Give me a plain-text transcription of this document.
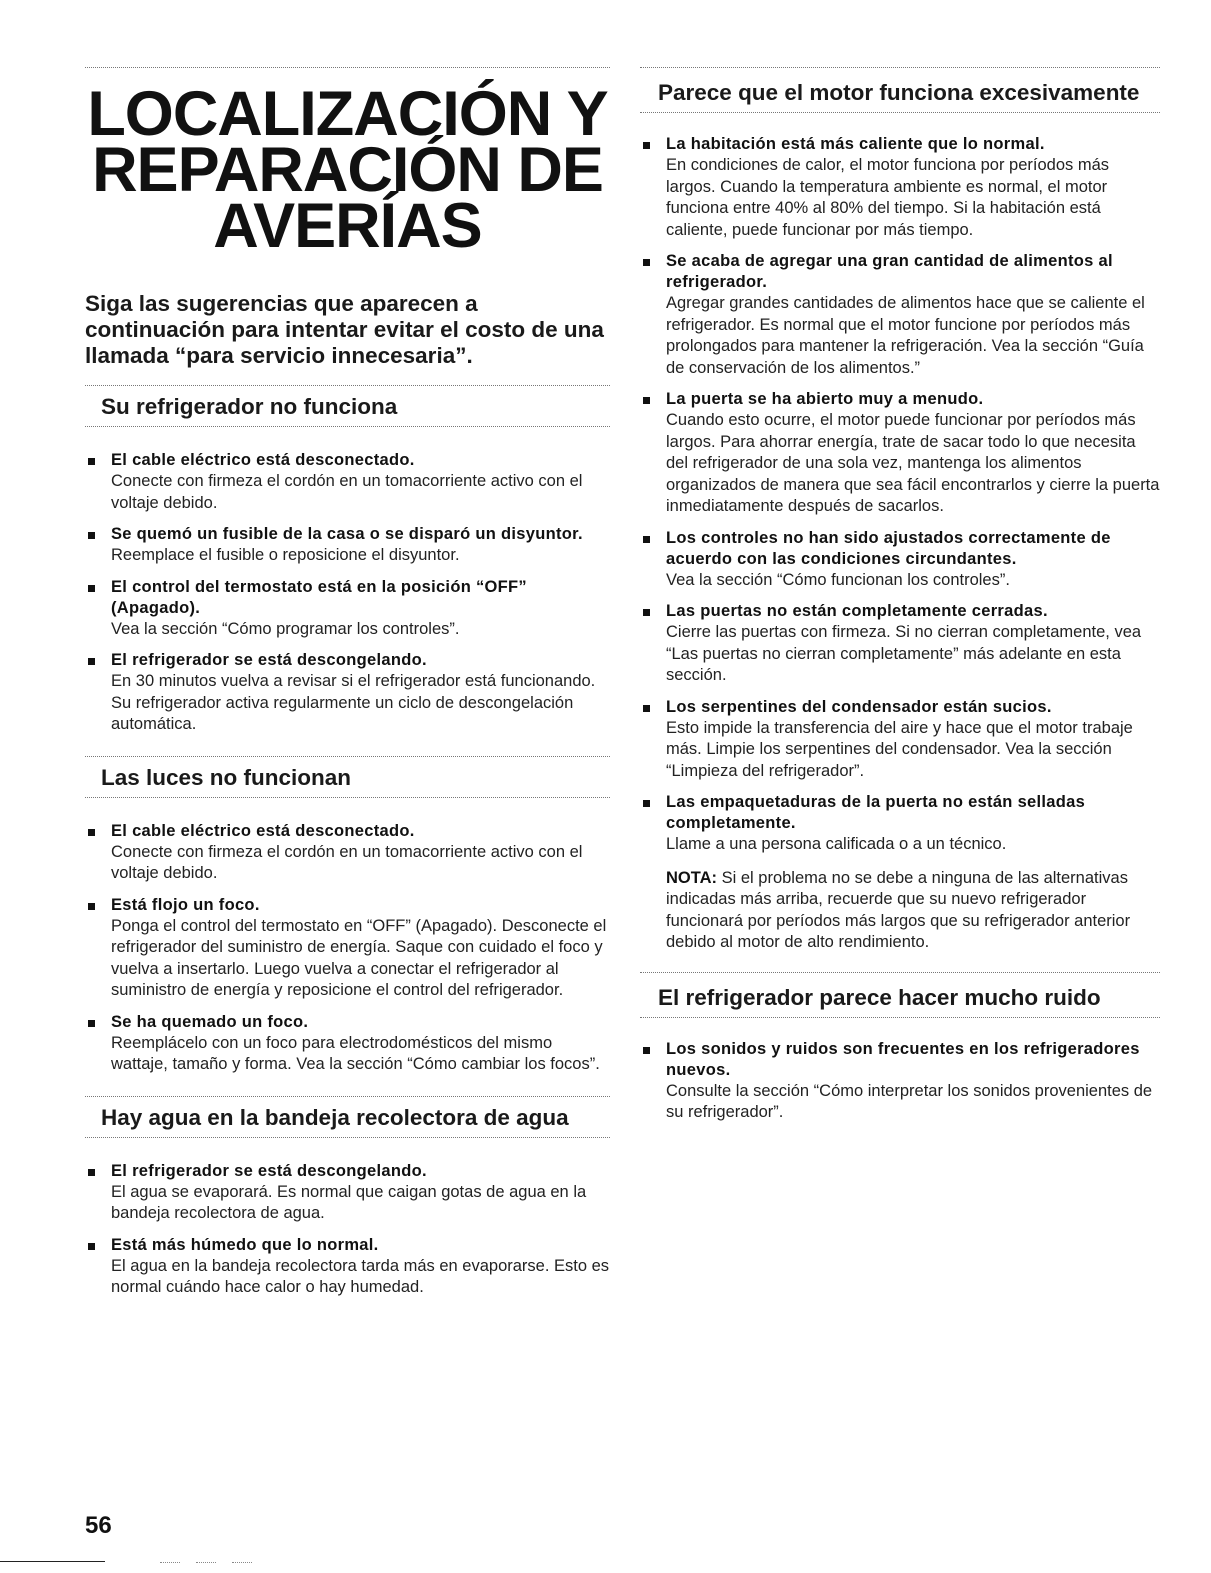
LOCALIZACIÓN Y
REPARACIÓN DE
AVERÍAS

Siga las sugerencias que aparecen a continuación para intentar evitar el costo de una llamada “para servicio innecesaria”.

Su refrigerador no funciona
El cable eléctrico está desconectado.
Conecte con firmeza el cordón en un tomacorriente activo con el voltaje debido.
Se quemó un fusible de la casa o se disparó un disyuntor.
Reemplace el fusible o reposicione el disyuntor.
El control del termostato está en la posición “OFF” (Apagado).
Vea la sección “Cómo programar los controles”.
El refrigerador se está descongelando.
En 30 minutos vuelva a revisar si el refrigerador está funcionando. Su refrigerador activa regularmente un ciclo de descongelación automática.
Las luces no funcionan
El cable eléctrico está desconectado.
Conecte con firmeza el cordón en un tomacorriente activo con el voltaje debido.
Está flojo un foco.
Ponga el control del termostato en “OFF” (Apagado). Desconecte el refrigerador del suministro de energía. Saque con cuidado el foco y vuelva a insertarlo. Luego vuelva a conectar el refrigerador al suministro de energía y reposicione el control del refrigerador.
Se ha quemado un foco.
Reemplácelo con un foco para electrodomésticos del mismo wattaje, tamaño y forma. Vea la sección “Cómo cambiar los focos”.
Hay agua en la bandeja recolectora de agua
El refrigerador se está descongelando.
El agua se evaporará. Es normal que caigan gotas de agua en la bandeja recolectora de agua.
Está más húmedo que lo normal.
El agua en la bandeja recolectora tarda más en evaporarse. Esto es normal cuándo hace calor o hay humedad.
Parece que el motor funciona excesivamente
La habitación está más caliente que lo normal.
En condiciones de calor, el motor funciona por períodos más largos. Cuando la temperatura ambiente es normal, el motor funciona entre 40% al 80% del tiempo. Si la habitación está caliente, puede funcionar por más tiempo.
Se acaba de agregar una gran cantidad de alimentos al refrigerador.
Agregar grandes cantidades de alimentos hace que se caliente el refrigerador. Es normal que el motor funcione por períodos más prolongados para mantener la refrigeración. Vea la sección “Guía de conservación de los alimentos.”
La puerta se ha abierto muy a menudo.
Cuando esto ocurre, el motor puede funcionar por períodos más largos. Para ahorrar energía, trate de sacar todo lo que necesita del refrigerador de una sola vez, mantenga los alimentos organizados de manera que sea fácil encontrarlos y cierre la puerta inmediatamente después de sacarlos.
Los controles no han sido ajustados correctamente de acuerdo con las condiciones circundantes.
Vea la sección “Cómo funcionan los controles”.
Las puertas no están completamente cerradas.
Cierre las puertas con firmeza. Si no cierran completamente, vea “Las puertas no cierran completamente” más adelante en esta sección.
Los serpentines del condensador están sucios.
Esto impide la transferencia del aire y hace que el motor trabaje más. Limpie los serpentines del condensador. Vea la sección “Limpieza del refrigerador”.
Las empaquetaduras de la puerta no están selladas completamente.
Llame a una persona calificada o a un técnico.
NOTA: Si el problema no se debe a ninguna de las alternativas indicadas más arriba, recuerde que su nuevo refrigerador funcionará por períodos más largos que su refrigerador anterior debido al motor de alto rendimiento.
El refrigerador parece hacer mucho ruido
Los sonidos y ruidos son frecuentes en los refrigeradores nuevos.
Consulte la sección “Cómo interpretar los sonidos provenientes de su refrigerador”.
56
